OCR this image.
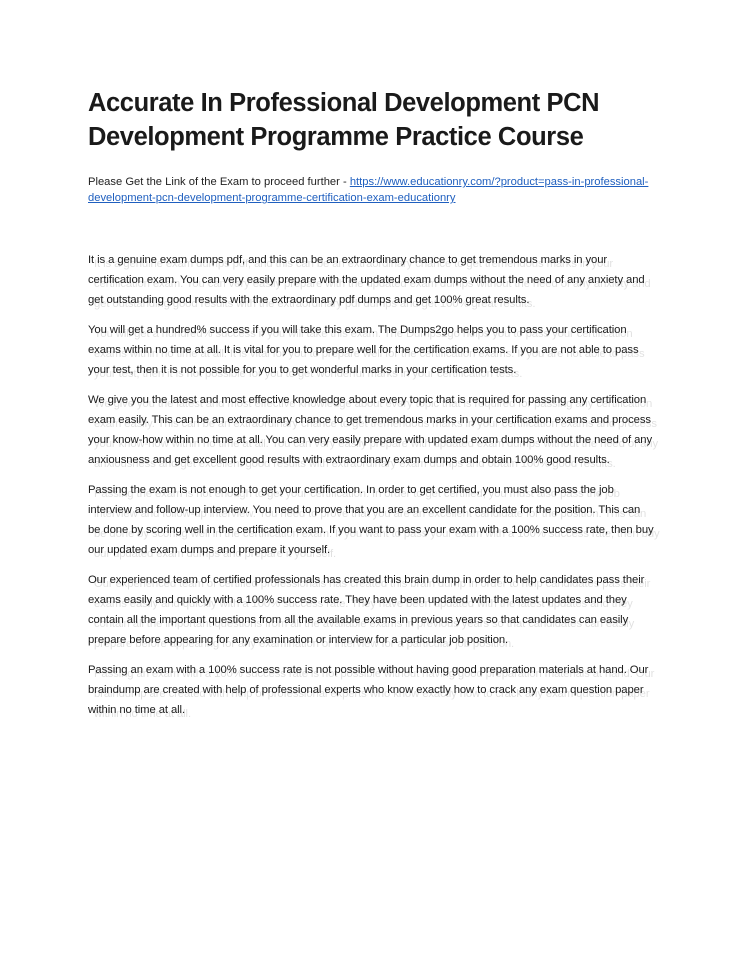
Accurate In Professional Development PCN Development Programme Practice Course

Please Get the Link of the Exam to proceed further - https://www.educationry.com/?product=pass-in-professional-development-pcn-development-programme-certification-exam-educationry

It is a genuine exam dumps pdf, and this can be an extraordinary chance to get tremendous marks in your certification exam. You can very easily prepare with the updated exam dumps without the need of any anxiety and get outstanding good results with the extraordinary pdf dumps and get 100% great results.

You will get a hundred% success if you will take this exam. The Dumps2go helps you to pass your certification exams within no time at all. It is vital for you to prepare well for the certification exams. If you are not able to pass your test, then it is not possible for you to get wonderful marks in your certification tests.

We give you the latest and most effective knowledge about every topic that is required for passing any certification exam easily. This can be an extraordinary chance to get tremendous marks in your certification exams and process your know-how within no time at all. You can very easily prepare with updated exam dumps without the need of any anxiousness and get excellent good results with extraordinary exam dumps and obtain 100% good results.

Passing the exam is not enough to get your certification. In order to get certified, you must also pass the job interview and follow-up interview. You need to prove that you are an excellent candidate for the position. This can be done by scoring well in the certification exam. If you want to pass your exam with a 100% success rate, then buy our updated exam dumps and prepare it yourself.

Our experienced team of certified professionals has created this brain dump in order to help candidates pass their exams easily and quickly with a 100% success rate. They have been updated with the latest updates and they contain all the important questions from all the available exams in previous years so that candidates can easily prepare before appearing for any examination or interview for a particular job position.

Passing an exam with a 100% success rate is not possible without having good preparation materials at hand. Our braindump are created with help of professional experts who know exactly how to crack any exam question paper within no time at all.
